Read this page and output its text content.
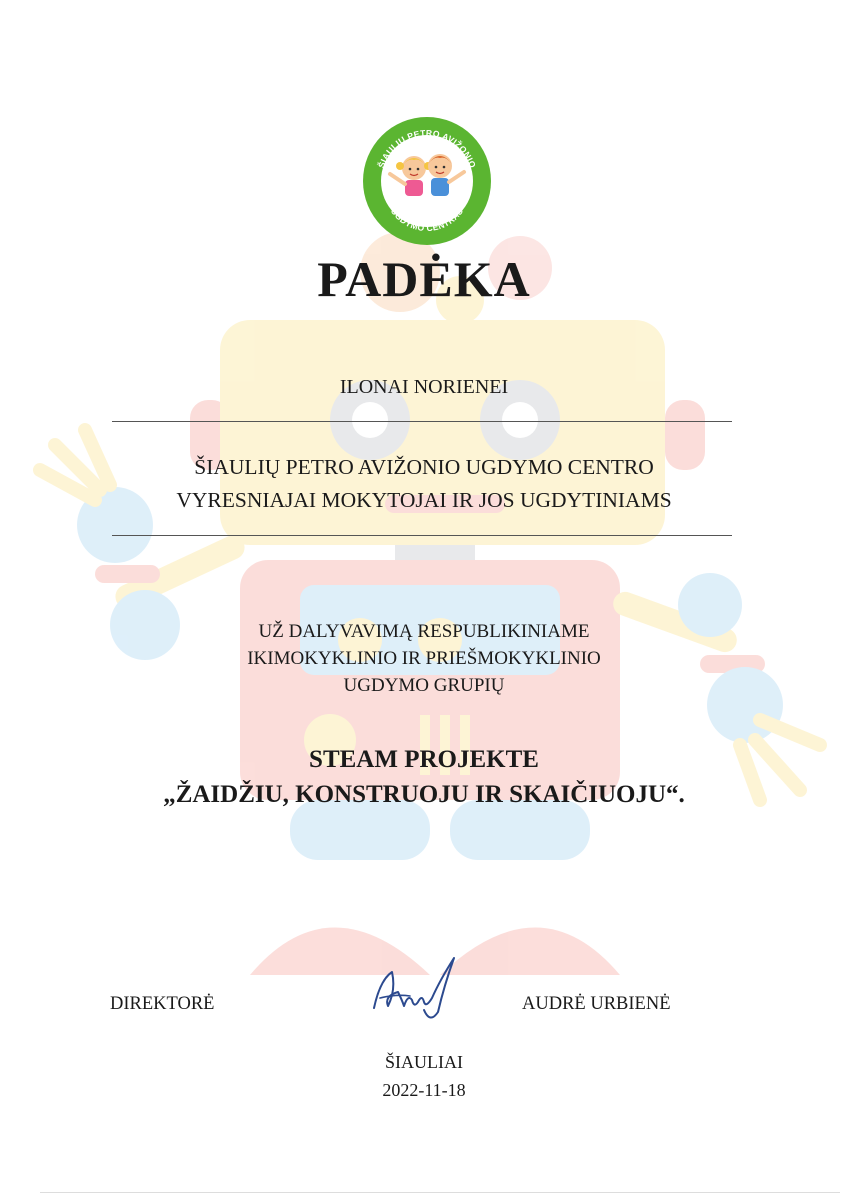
ŠIAULIŲ PETRO AVIŽONIO
UGDYMO CENTRAS
PADĖKA
ILONAI NORIENEI
ŠIAULIŲ PETRO AVIŽONIO UGDYMO CENTRO
VYRESNIAJAI MOKYTOJAI IR JOS UGDYTINIAMS
UŽ DALYVAVIMĄ RESPUBLIKINIAME
IKIMOKYKLINIO IR PRIEŠMOKYKLINIO
UGDYMO GRUPIŲ
STEAM PROJEKTE
„ŽAIDŽIU, KONSTRUOJU IR SKAIČIUOJU“.
DIREKTORĖ	AUDRĖ URBIENĖ
ŠIAULIAI
2022-11-18
